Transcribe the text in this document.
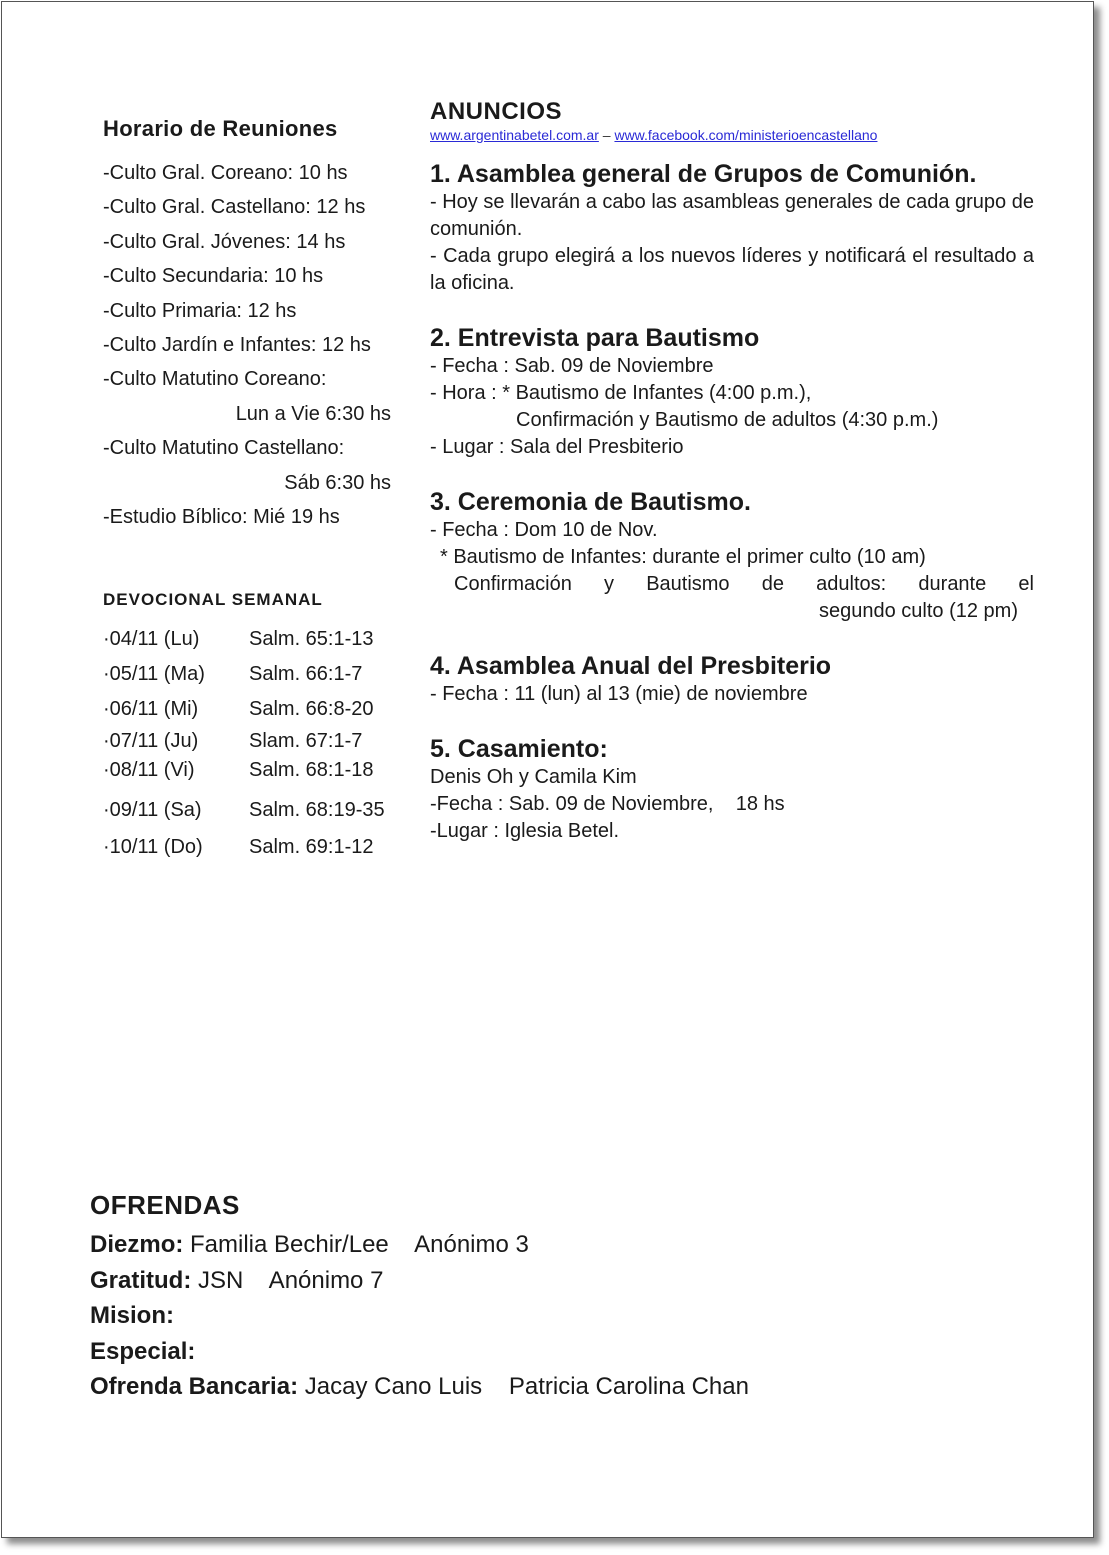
Horario de Reuniones
-Culto Gral. Coreano: 10 hs
-Culto Gral. Castellano: 12 hs
-Culto Gral. Jóvenes: 14 hs
-Culto Secundaria: 10 hs
-Culto Primaria: 12 hs
-Culto Jardín e Infantes: 12 hs
-Culto Matutino Coreano:
Lun a Vie 6:30 hs
-Culto Matutino Castellano:
Sáb 6:30 hs
-Estudio Bíblico: Mié 19 hs
DEVOCIONAL SEMANAL
·04/11 (Lu)	Salm. 65:1-13
·05/11 (Ma)	Salm. 66:1-7
·06/11 (Mi)	Salm. 66:8-20
·07/11 (Ju)	Slam. 67:1-7
·08/11 (Vi)	Salm. 68:1-18
·09/11 (Sa)	Salm. 68:19-35
·10/11 (Do)	Salm. 69:1-12
ANUNCIOS
www.argentinabetel.com.ar – www.facebook.com/ministerioencastellano
1. Asamblea general de Grupos de Comunión.
- Hoy se llevarán a cabo las asambleas generales de cada grupo de comunión.
- Cada grupo elegirá a los nuevos líderes y notificará el resultado a la oficina.
2. Entrevista para Bautismo
- Fecha : Sab. 09 de Noviembre
- Hora : * Bautismo de Infantes (4:00 p.m.),
Confirmación y Bautismo de adultos (4:30 p.m.)
- Lugar : Sala del Presbiterio
3. Ceremonia de Bautismo.
- Fecha : Dom 10 de Nov.
* Bautismo de Infantes: durante el primer culto (10 am)
Confirmación y Bautismo de adultos: durante el
segundo culto (12 pm)
4. Asamblea Anual del Presbiterio
- Fecha : 11 (lun) al 13 (mie) de noviembre
5. Casamiento:
Denis Oh y Camila Kim
-Fecha : Sab. 09 de Noviembre,    18 hs
-Lugar : Iglesia Betel.
OFRENDAS
Diezmo: Familia Bechir/Lee    Anónimo 3
Gratitud: JSN    Anónimo 7
Mision:
Especial:
Ofrenda Bancaria: Jacay Cano Luis    Patricia Carolina Chan
